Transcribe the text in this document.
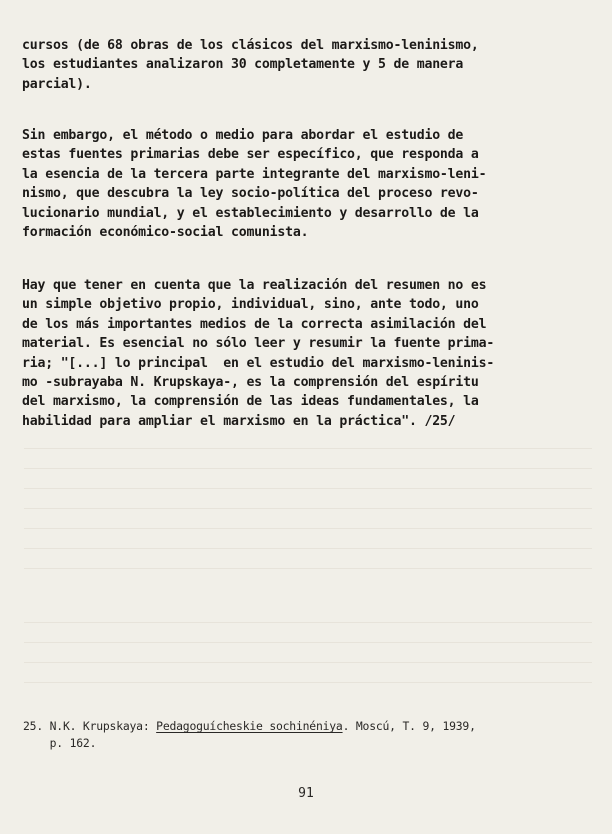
cursos (de 68 obras de los clásicos del marxismo-leninismo,
los estudiantes analizaron 30 completamente y 5 de manera
parcial).
Sin embargo, el método o medio para abordar el estudio de
estas fuentes primarias debe ser específico, que responda a
la esencia de la tercera parte integrante del marxismo-leni-
nismo, que descubra la ley socio-política del proceso revo-
lucionario mundial, y el establecimiento y desarrollo de la
formación económico-social comunista.
Hay que tener en cuenta que la realización del resumen no es
un simple objetivo propio, individual, sino, ante todo, uno
de los más importantes medios de la correcta asimilación del
material. Es esencial no sólo leer y resumir la fuente prima-
ria; "[...] lo principal  en el estudio del marxismo-leninis-
mo -subrayaba N. Krupskaya-, es la comprensión del espíritu
del marxismo, la comprensión de las ideas fundamentales, la
habilidad para ampliar el marxismo en la práctica". /25/
25. N.K. Krupskaya: Pedagoguícheskie sochinéniya. Moscú, T. 9, 1939,
p. 162.
91
